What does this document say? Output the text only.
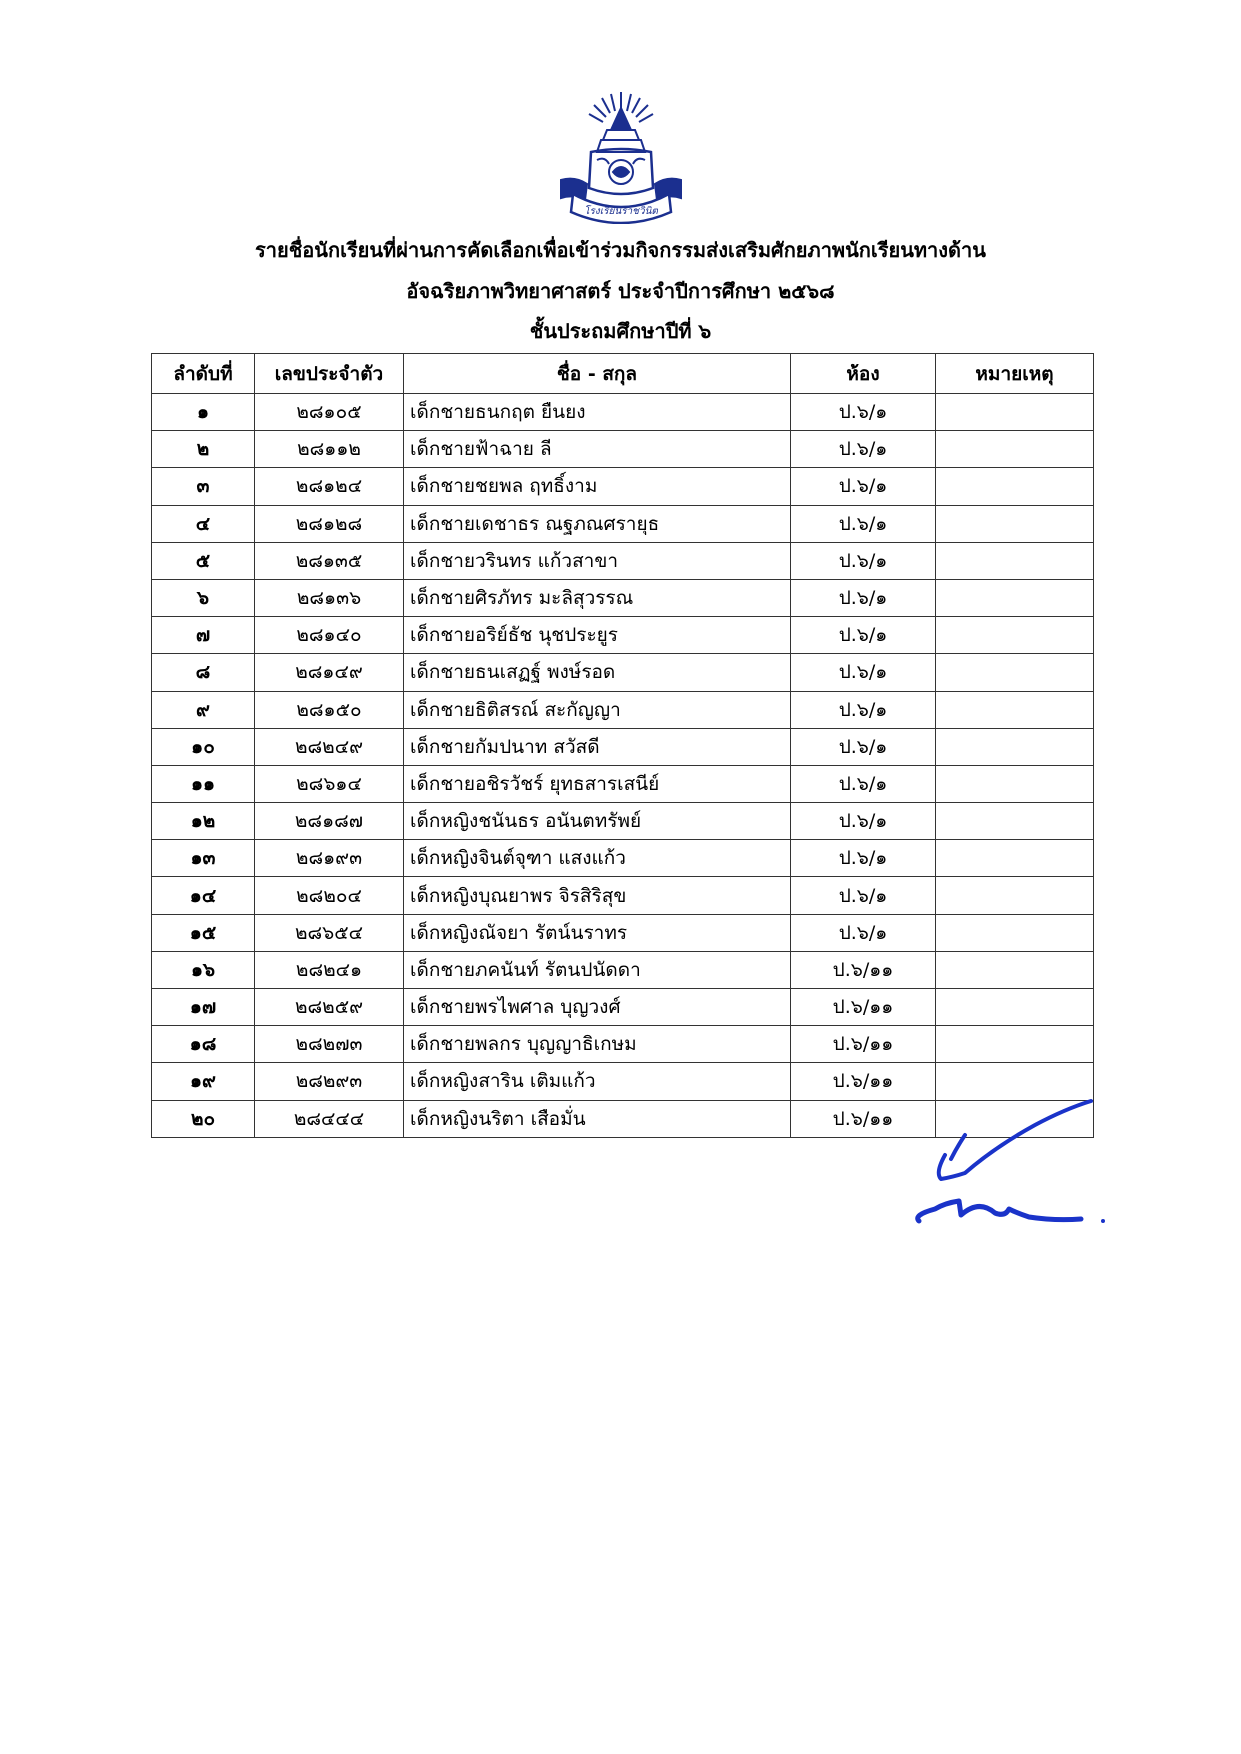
โรงเรียนราชวินิต
รายชื่อนักเรียนที่ผ่านการคัดเลือกเพื่อเข้าร่วมกิจกรรมส่งเสริมศักยภาพนักเรียนทางด้าน
อัจฉริยภาพวิทยาศาสตร์ ประจำปีการศึกษา ๒๕๖๘
ชั้นประถมศึกษาปีที่ ๖
ลำดับที่	เลขประจำตัว	ชื่อ - สกุล	ห้อง	หมายเหตุ
๑	๒๘๑๐๕	เด็กชายธนกฤต ยืนยง	ป.๖/๑	
๒	๒๘๑๑๒	เด็กชายฟ้าฉาย ลี	ป.๖/๑	
๓	๒๘๑๒๔	เด็กชายชยพล ฤทธิ์งาม	ป.๖/๑	
๔	๒๘๑๒๘	เด็กชายเดชาธร ณฐภณศรายุธ	ป.๖/๑	
๕	๒๘๑๓๕	เด็กชายวรินทร แก้วสาขา	ป.๖/๑	
๖	๒๘๑๓๖	เด็กชายศิรภัทร มะลิสุวรรณ	ป.๖/๑	
๗	๒๘๑๔๐	เด็กชายอริย์ธัช นุชประยูร	ป.๖/๑	
๘	๒๘๑๔๙	เด็กชายธนเสฏฐ์ พงษ์รอด	ป.๖/๑	
๙	๒๘๑๕๐	เด็กชายธิติสรณ์ สะกัญญา	ป.๖/๑	
๑๐	๒๘๒๔๙	เด็กชายกัมปนาท สวัสดี	ป.๖/๑	
๑๑	๒๘๖๑๔	เด็กชายอชิรวัชร์ ยุทธสารเสนีย์	ป.๖/๑	
๑๒	๒๘๑๘๗	เด็กหญิงชนันธร อนันตทรัพย์	ป.๖/๑	
๑๓	๒๘๑๙๓	เด็กหญิงจินต์จุฑา แสงแก้ว	ป.๖/๑	
๑๔	๒๘๒๐๔	เด็กหญิงบุณยาพร จิรสิริสุข	ป.๖/๑	
๑๕	๒๘๖๕๔	เด็กหญิงณัจยา รัตน์นราทร	ป.๖/๑	
๑๖	๒๘๒๔๑	เด็กชายภคนันท์ รัตนปนัดดา	ป.๖/๑๑	
๑๗	๒๘๒๕๙	เด็กชายพรไพศาล บุญวงศ์	ป.๖/๑๑	
๑๘	๒๘๒๗๓	เด็กชายพลกร บุญญาธิเกษม	ป.๖/๑๑	
๑๙	๒๘๒๙๓	เด็กหญิงสาริน เติมแก้ว	ป.๖/๑๑	
๒๐	๒๘๔๔๔	เด็กหญิงนริตา เสือมั่น	ป.๖/๑๑	
